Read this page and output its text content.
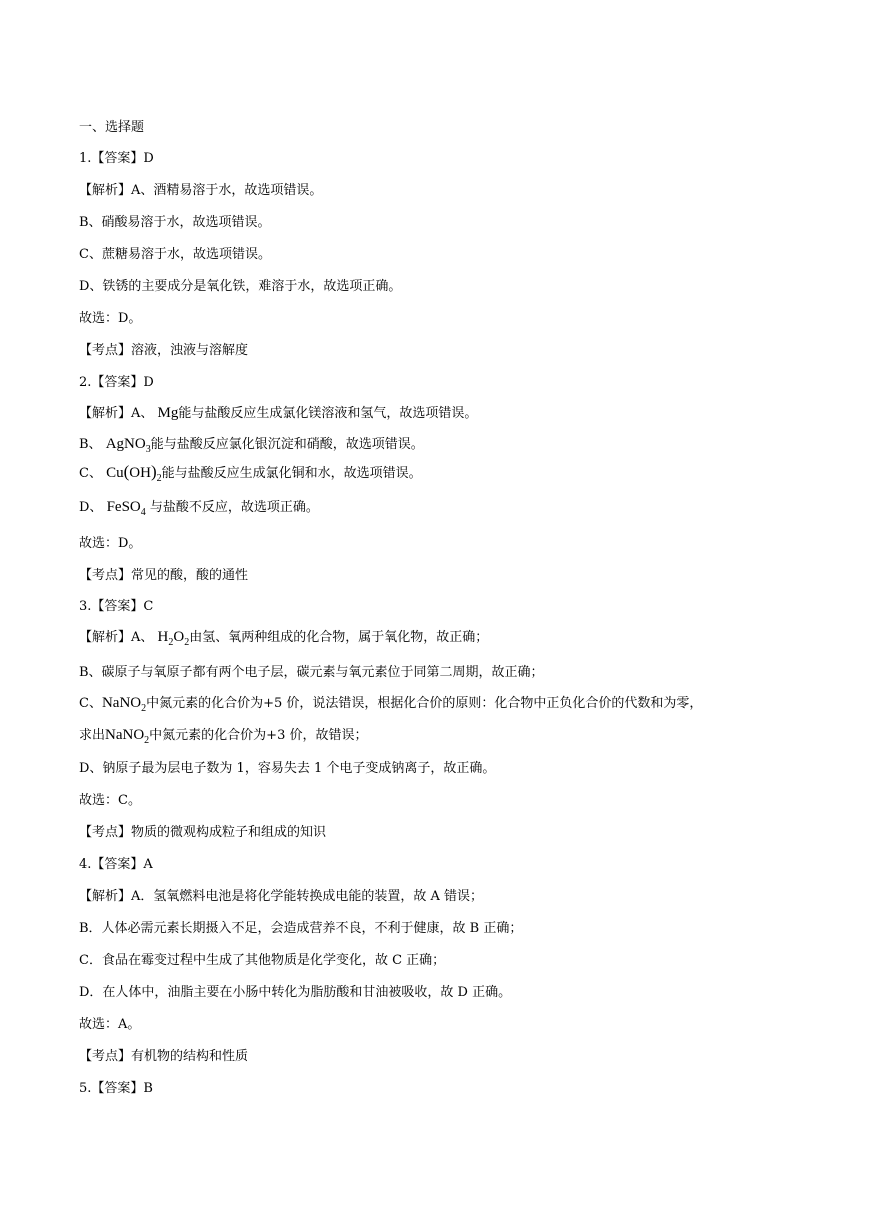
一、选择题
1.【答案】D
【解析】A、酒精易溶于水，故选项错误。
B、硝酸易溶于水，故选项错误。
C、蔗糖易溶于水，故选项错误。
D、铁锈的主要成分是氧化铁，难溶于水，故选项正确。
故选：D。
【考点】溶液，浊液与溶解度
2.【答案】D
【解析】A、 Mg能与盐酸反应生成氯化镁溶液和氢气，故选项错误。
B、 AgNO$_3$能与盐酸反应氯化银沉淀和硝酸，故选项错误。
C、 $Cu(OH)_2$能与盐酸反应生成氯化铜和水，故选项错误。
D、 FeSO$_4$ 与盐酸不反应，故选项正确。
故选：D。
【考点】常见的酸，酸的通性
3.【答案】C
【解析】A、 $H_2O_2$由氢、氧两种组成的化合物，属于氧化物，故正确；
B、碳原子与氧原子都有两个电子层，碳元素与氧元素位于同第二周期，故正确；
C、NaNO$_2$中氮元素的化合价为+5 价，说法错误，根据化合价的原则：化合物中正负化合价的代数和为零，
求出NaNO$_2$中氮元素的化合价为+3 价，故错误；
D、钠原子最为层电子数为 1，容易失去 1 个电子变成钠离子，故正确。
故选：C。
【考点】物质的微观构成粒子和组成的知识
4.【答案】A
【解析】A．氢氧燃料电池是将化学能转换成电能的装置，故 A 错误；
B．人体必需元素长期摄入不足，会造成营养不良，不利于健康，故 B 正确；
C．食品在霉变过程中生成了其他物质是化学变化，故 C 正确；
D．在人体中，油脂主要在小肠中转化为脂肪酸和甘油被吸收，故 D 正确。
故选：A。
【考点】有机物的结构和性质
5.【答案】B
